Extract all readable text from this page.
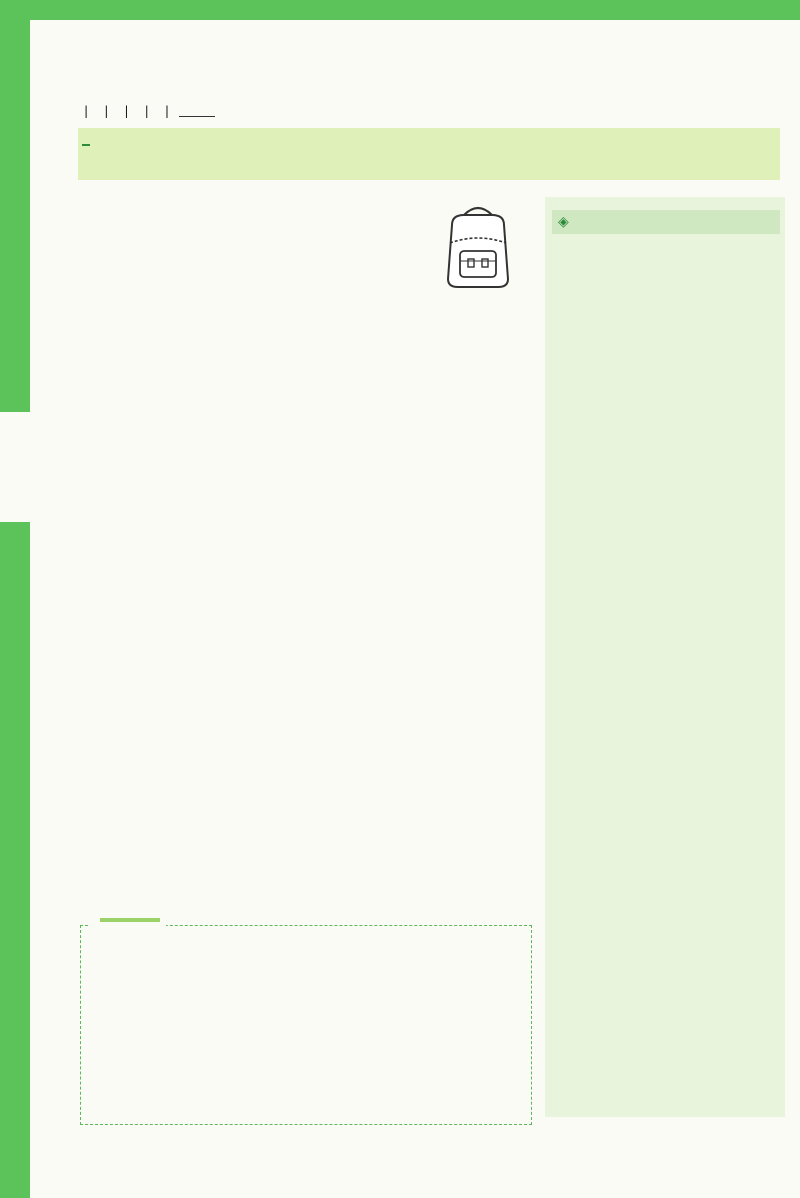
| | | | |
◈
